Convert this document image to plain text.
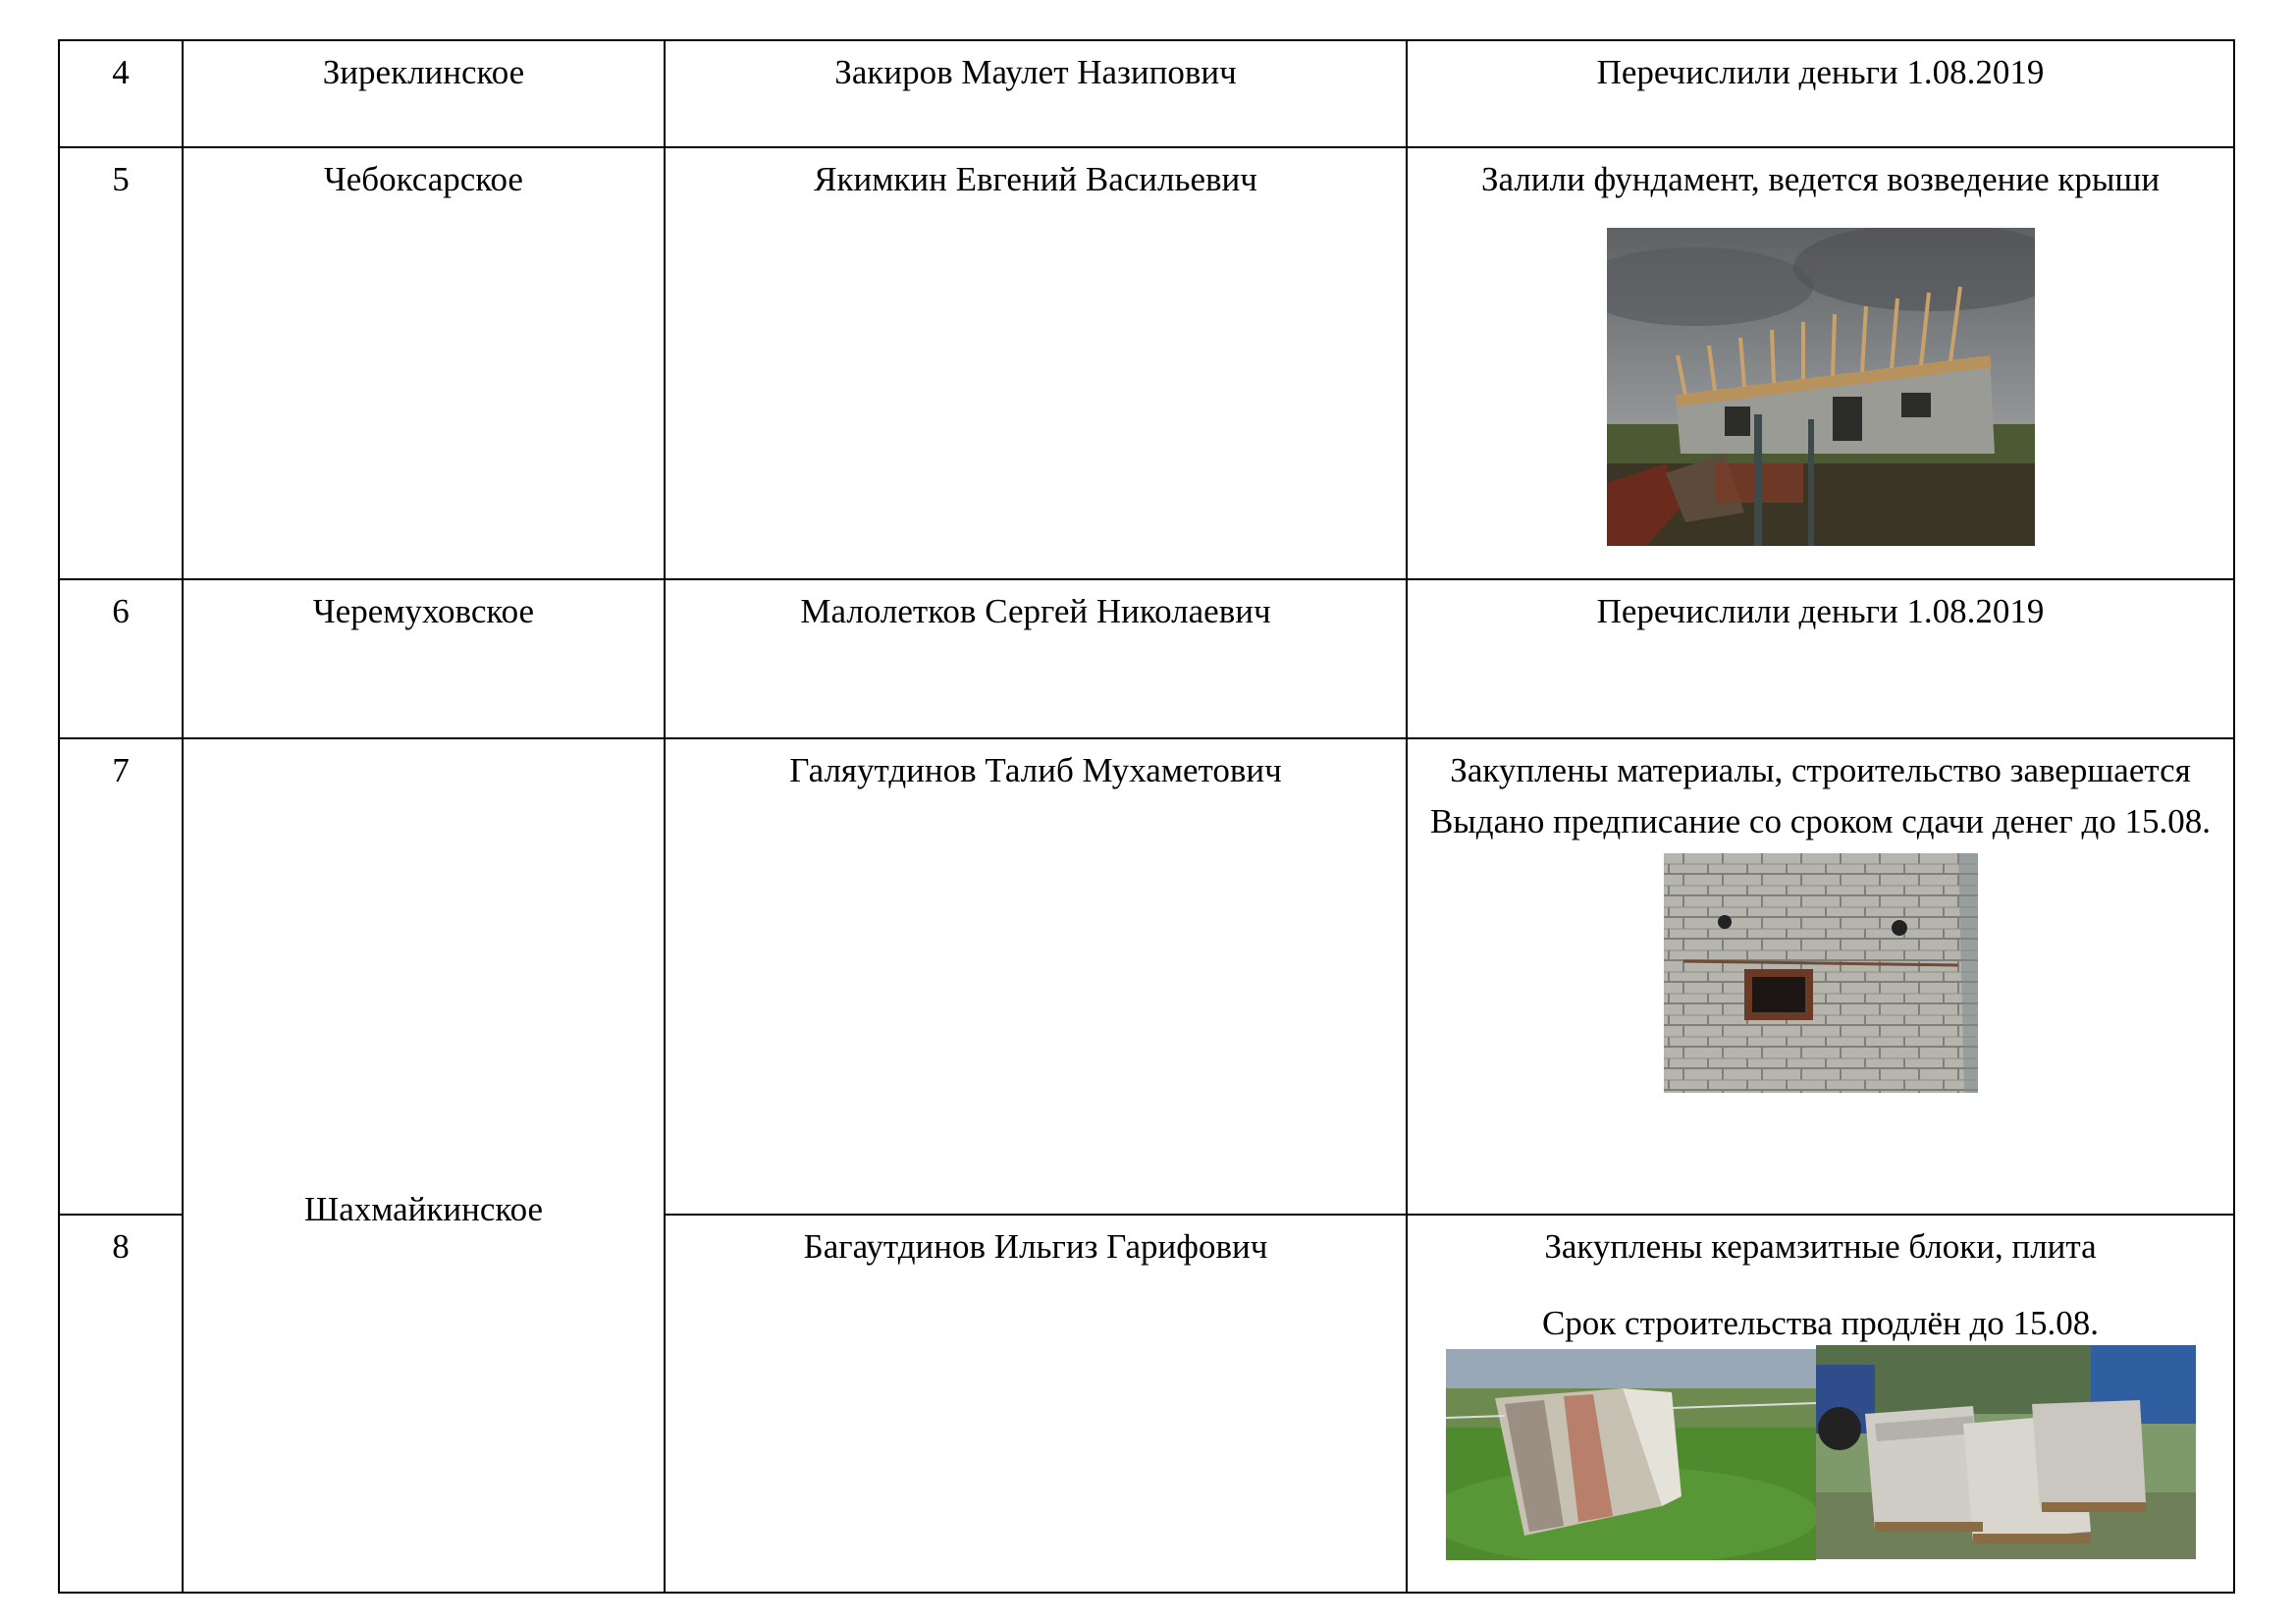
4	Зиреклинское	Закиров Маулет Назипович	Перечислили деньги 1.08.2019
5	Чебоксарское	Якимкин Евгений Васильевич	Залили фундамент, ведется возведение крыши

6	Черемуховское	Малолетков Сергей Николаевич	Перечислили деньги 1.08.2019
7	Шахмайкинское	Галяутдинов Талиб Мухаметович	Закуплены материалы, строительство завершается

Выдано предписание со сроком сдачи денег до 15.08.

8		Багаутдинов Ильгиз Гарифович	Закуплены керамзитные блоки, плита

Срок строительства продлён до 15.08.
